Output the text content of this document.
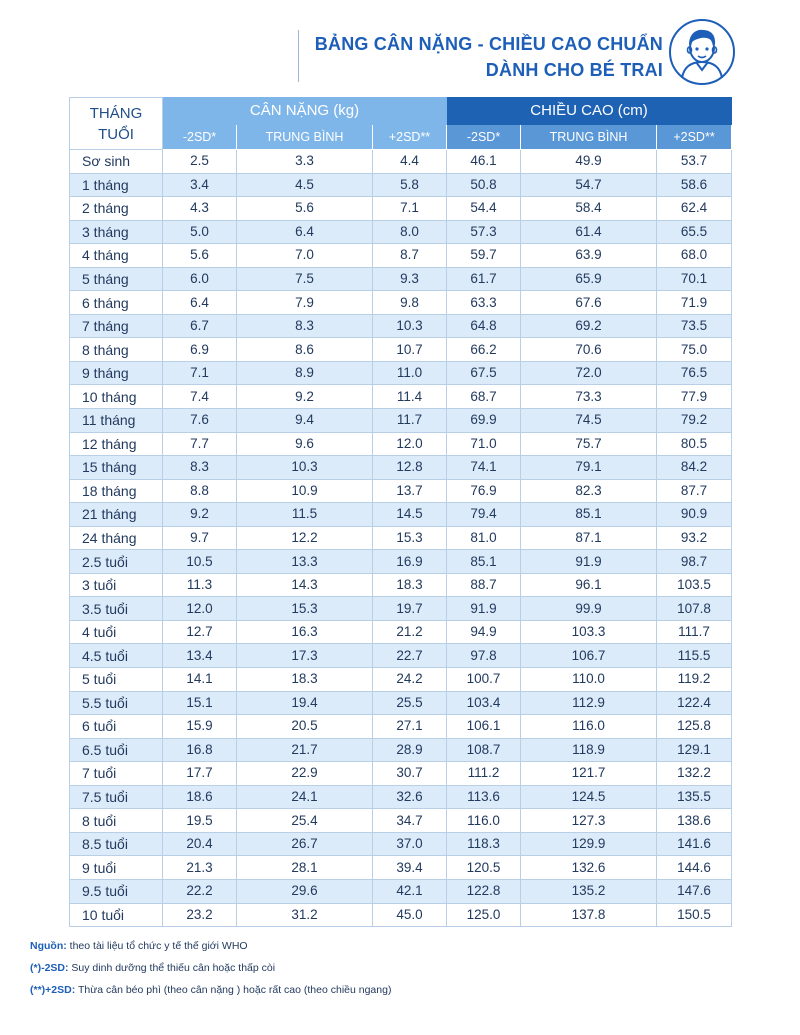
BẢNG CÂN NẶNG - CHIỀU CAO CHUẨN
DÀNH CHO BÉ TRAI
THÁNG
TUỔI	CÂN NẶNG (kg)			CHIỀU CAO (cm)		
	-2SD*	TRUNG BÌNH	+2SD**	-2SD*	TRUNG BÌNH	+2SD**
Sơ sinh	2.5	3.3	4.4	46.1	49.9	53.7
1 tháng	3.4	4.5	5.8	50.8	54.7	58.6
2 tháng	4.3	5.6	7.1	54.4	58.4	62.4
3 tháng	5.0	6.4	8.0	57.3	61.4	65.5
4 tháng	5.6	7.0	8.7	59.7	63.9	68.0
5 tháng	6.0	7.5	9.3	61.7	65.9	70.1
6 tháng	6.4	7.9	9.8	63.3	67.6	71.9
7 tháng	6.7	8.3	10.3	64.8	69.2	73.5
8 tháng	6.9	8.6	10.7	66.2	70.6	75.0
9 tháng	7.1	8.9	11.0	67.5	72.0	76.5
10 tháng	7.4	9.2	11.4	68.7	73.3	77.9
11 tháng	7.6	9.4	11.7	69.9	74.5	79.2
12 tháng	7.7	9.6	12.0	71.0	75.7	80.5
15 tháng	8.3	10.3	12.8	74.1	79.1	84.2
18 tháng	8.8	10.9	13.7	76.9	82.3	87.7
21 tháng	9.2	11.5	14.5	79.4	85.1	90.9
24 tháng	9.7	12.2	15.3	81.0	87.1	93.2
2.5 tuổi	10.5	13.3	16.9	85.1	91.9	98.7
3 tuổi	11.3	14.3	18.3	88.7	96.1	103.5
3.5 tuổi	12.0	15.3	19.7	91.9	99.9	107.8
4 tuổi	12.7	16.3	21.2	94.9	103.3	111.7
4.5 tuổi	13.4	17.3	22.7	97.8	106.7	115.5
5 tuổi	14.1	18.3	24.2	100.7	110.0	119.2
5.5 tuổi	15.1	19.4	25.5	103.4	112.9	122.4
6 tuổi	15.9	20.5	27.1	106.1	116.0	125.8
6.5 tuổi	16.8	21.7	28.9	108.7	118.9	129.1
7 tuổi	17.7	22.9	30.7	111.2	121.7	132.2
7.5 tuổi	18.6	24.1	32.6	113.6	124.5	135.5
8 tuổi	19.5	25.4	34.7	116.0	127.3	138.6
8.5 tuổi	20.4	26.7	37.0	118.3	129.9	141.6
9 tuổi	21.3	28.1	39.4	120.5	132.6	144.6
9.5 tuổi	22.2	29.6	42.1	122.8	135.2	147.6
10 tuổi	23.2	31.2	45.0	125.0	137.8	150.5
Nguồn: theo tài liệu tổ chức y tế thế giới WHO
(*)-2SD: Suy dinh dưỡng thể thiếu cân hoặc thấp còi
(**)+2SD: Thừa cân béo phì (theo cân nặng ) hoặc rất cao (theo chiều ngang)
